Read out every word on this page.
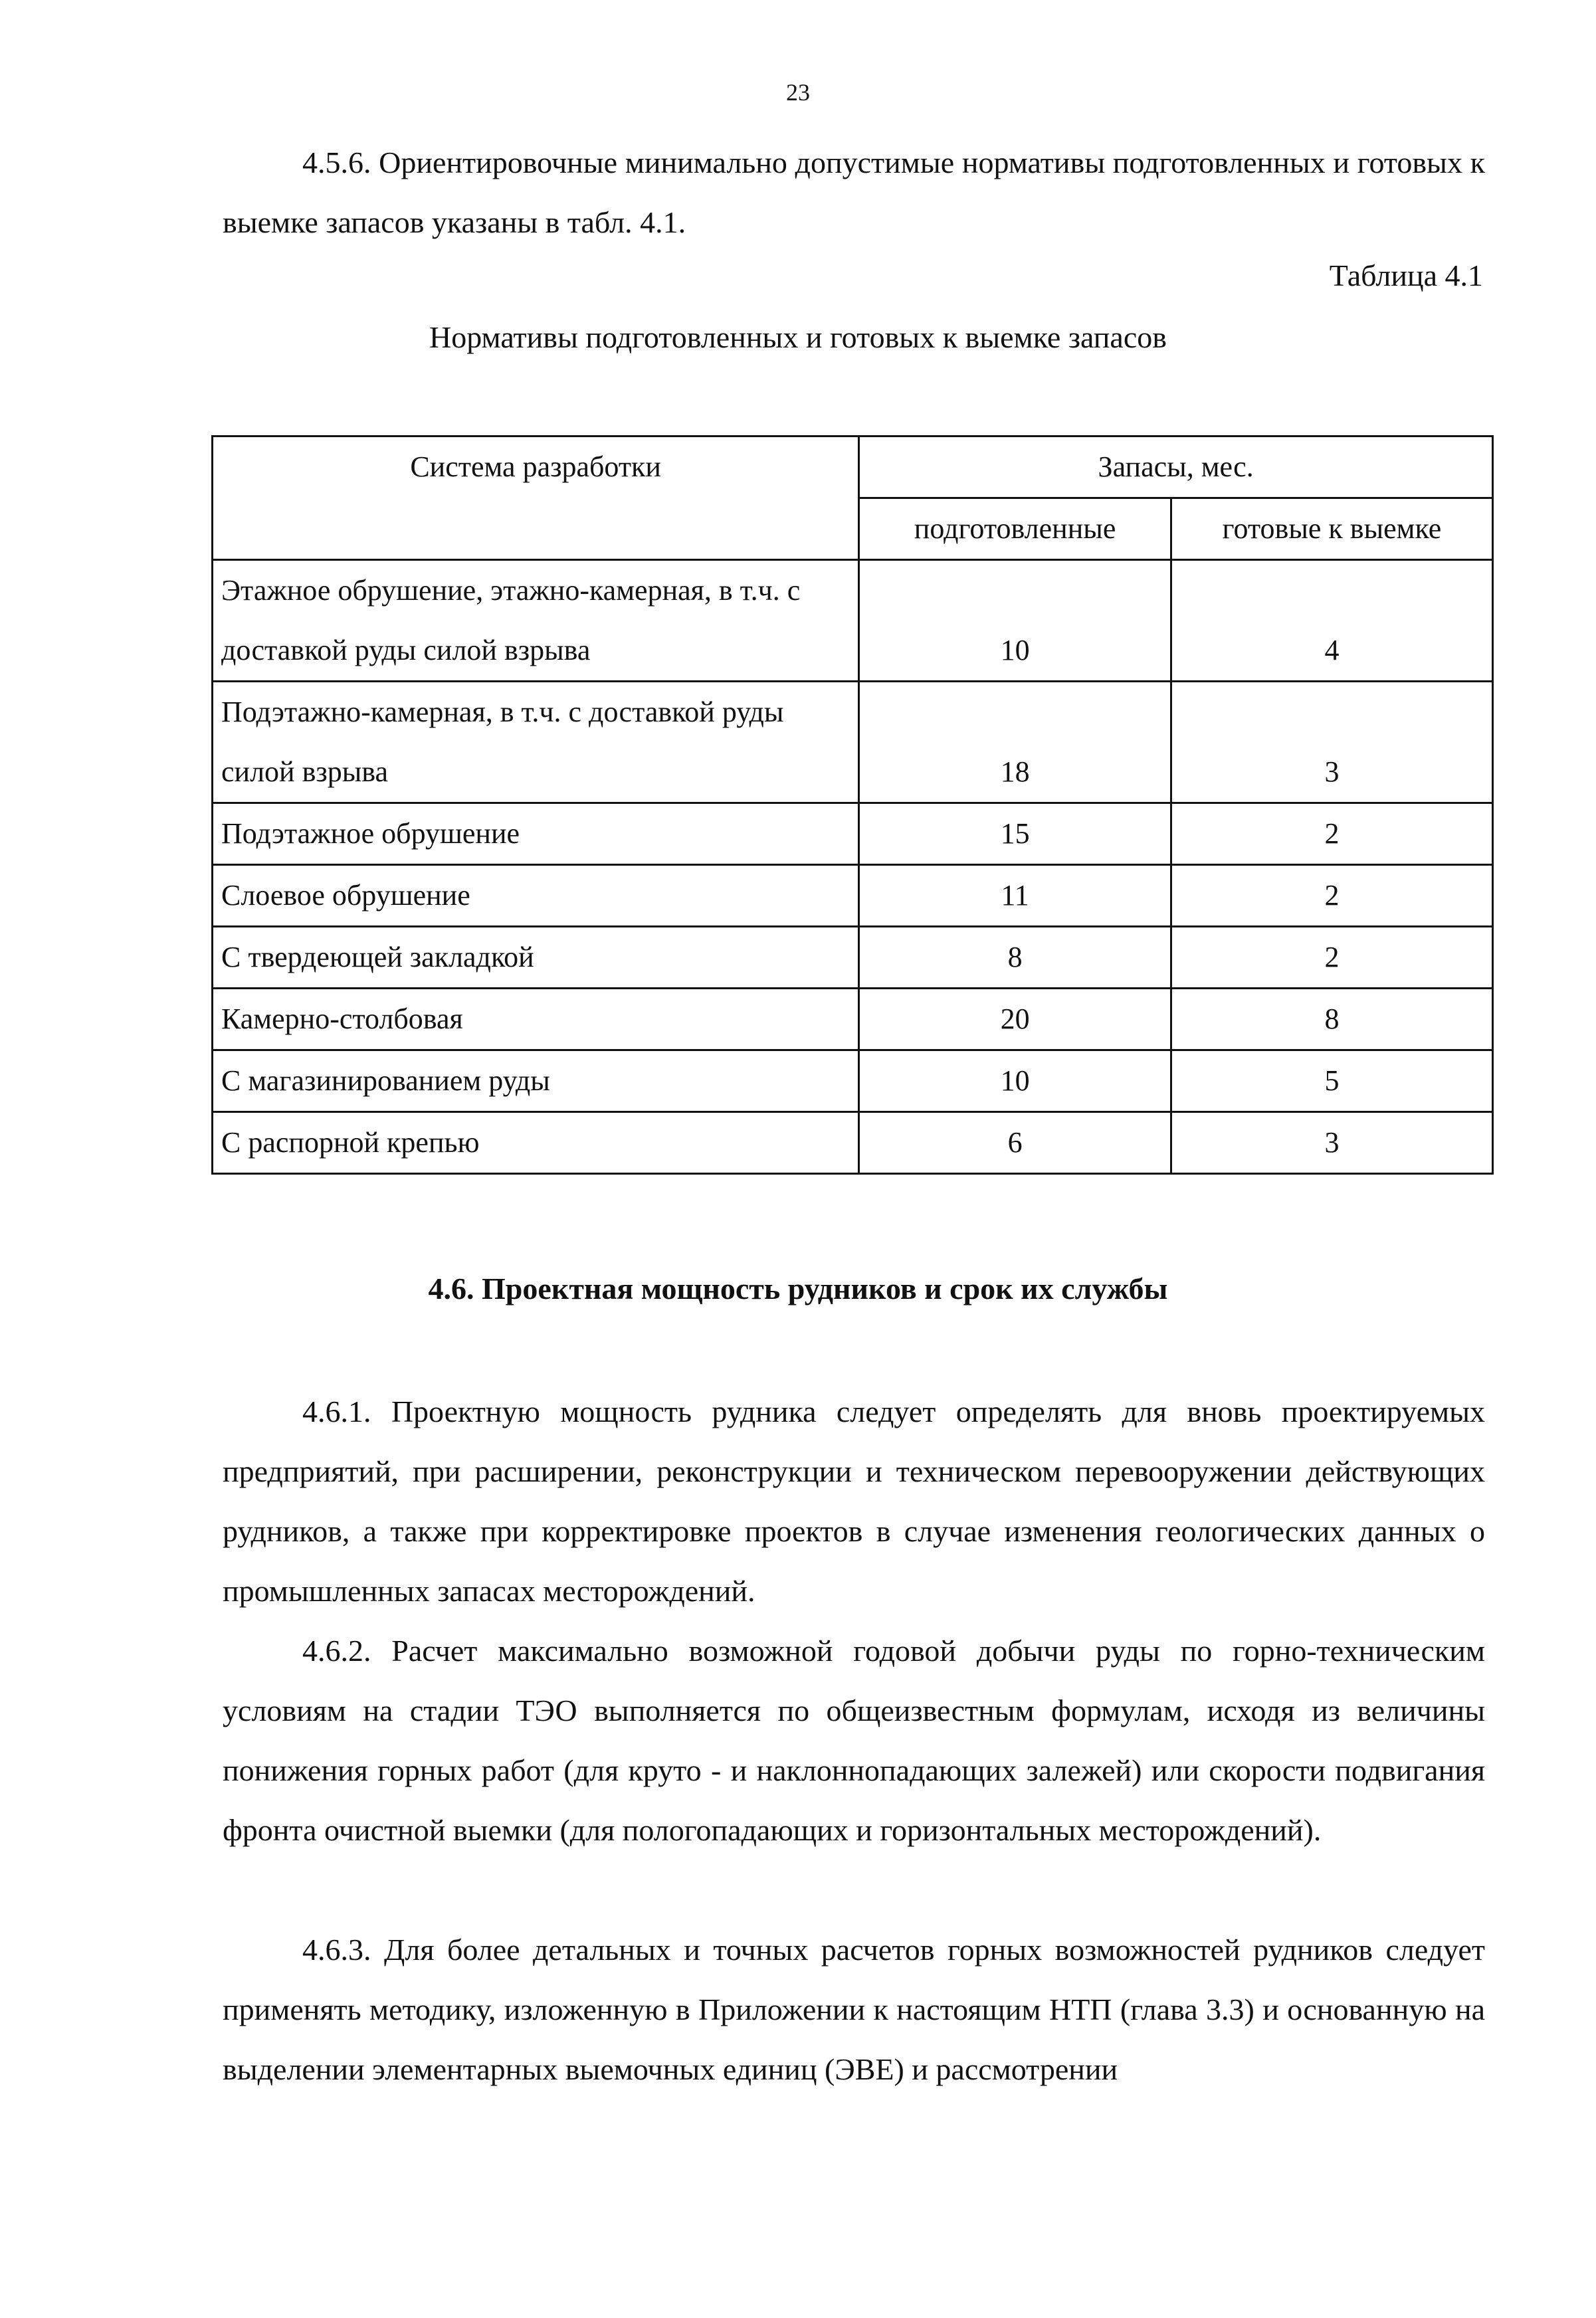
23

4.5.6. Ориентировочные минимально допустимые нормативы подготовленных и готовых к выемке запасов указаны в табл. 4.1.

Таблица 4.1
Нормативы подготовленных и готовых к выемке запасов
Система разработки	Запасы, мес.	
	подготовленные	готовые к выемке
Этажное обрушение, этажно-камерная, в т.ч. с доставкой руды силой взрыва	10	4
Подэтажно-камерная, в т.ч. с доставкой руды силой взрыва	18	3
Подэтажное обрушение	15	2
Слоевое обрушение	11	2
С твердеющей закладкой	8	2
Камерно-столбовая	20	8
С магазинированием руды	10	5
С распорной крепью	6	3
4.6. Проектная мощность рудников и срок их службы

4.6.1. Проектную мощность рудника следует определять для вновь проектируемых предприятий, при расширении, реконструкции и техническом перевооружении действующих рудников, а также при корректировке проектов в случае изменения геологических данных о промышленных запасах месторождений.

4.6.2. Расчет максимально возможной годовой добычи руды по горно-техническим условиям на стадии ТЭО выполняется по общеизвестным формулам, исходя из величины понижения горных работ (для круто - и наклоннопадающих залежей) или скорости подвигания фронта очистной выемки (для пологопадающих и горизонтальных месторождений).

4.6.3. Для более детальных и точных расчетов горных возможностей рудников следует применять методику, изложенную в Приложении к настоящим НТП (глава 3.3) и основанную на выделении элементарных выемочных единиц (ЭВЕ) и рассмотрении
